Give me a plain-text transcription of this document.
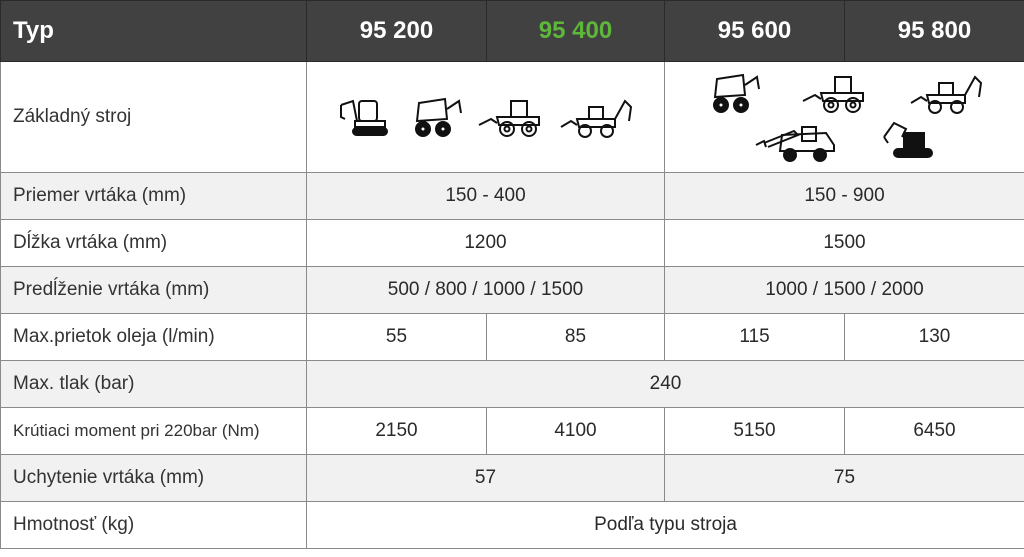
Typ	95 200	95 400	95 600	95 800
Základný stroj	

Priemer vrtáka (mm)	150 - 400		150 - 900	
Dĺžka vrtáka (mm)	1200		1500	
Predĺženie vrtáka (mm)	500 / 800 / 1000 / 1500		1000 / 1500 / 2000	
Max.prietok oleja (l/min)	55	85	115	130
Max. tlak (bar)	240			
Krútiaci moment pri 220bar (Nm)	2150	4100	5150	6450
Uchytenie vrtáka (mm)	57		75	
Hmotnosť (kg)	Podľa typu stroja			
